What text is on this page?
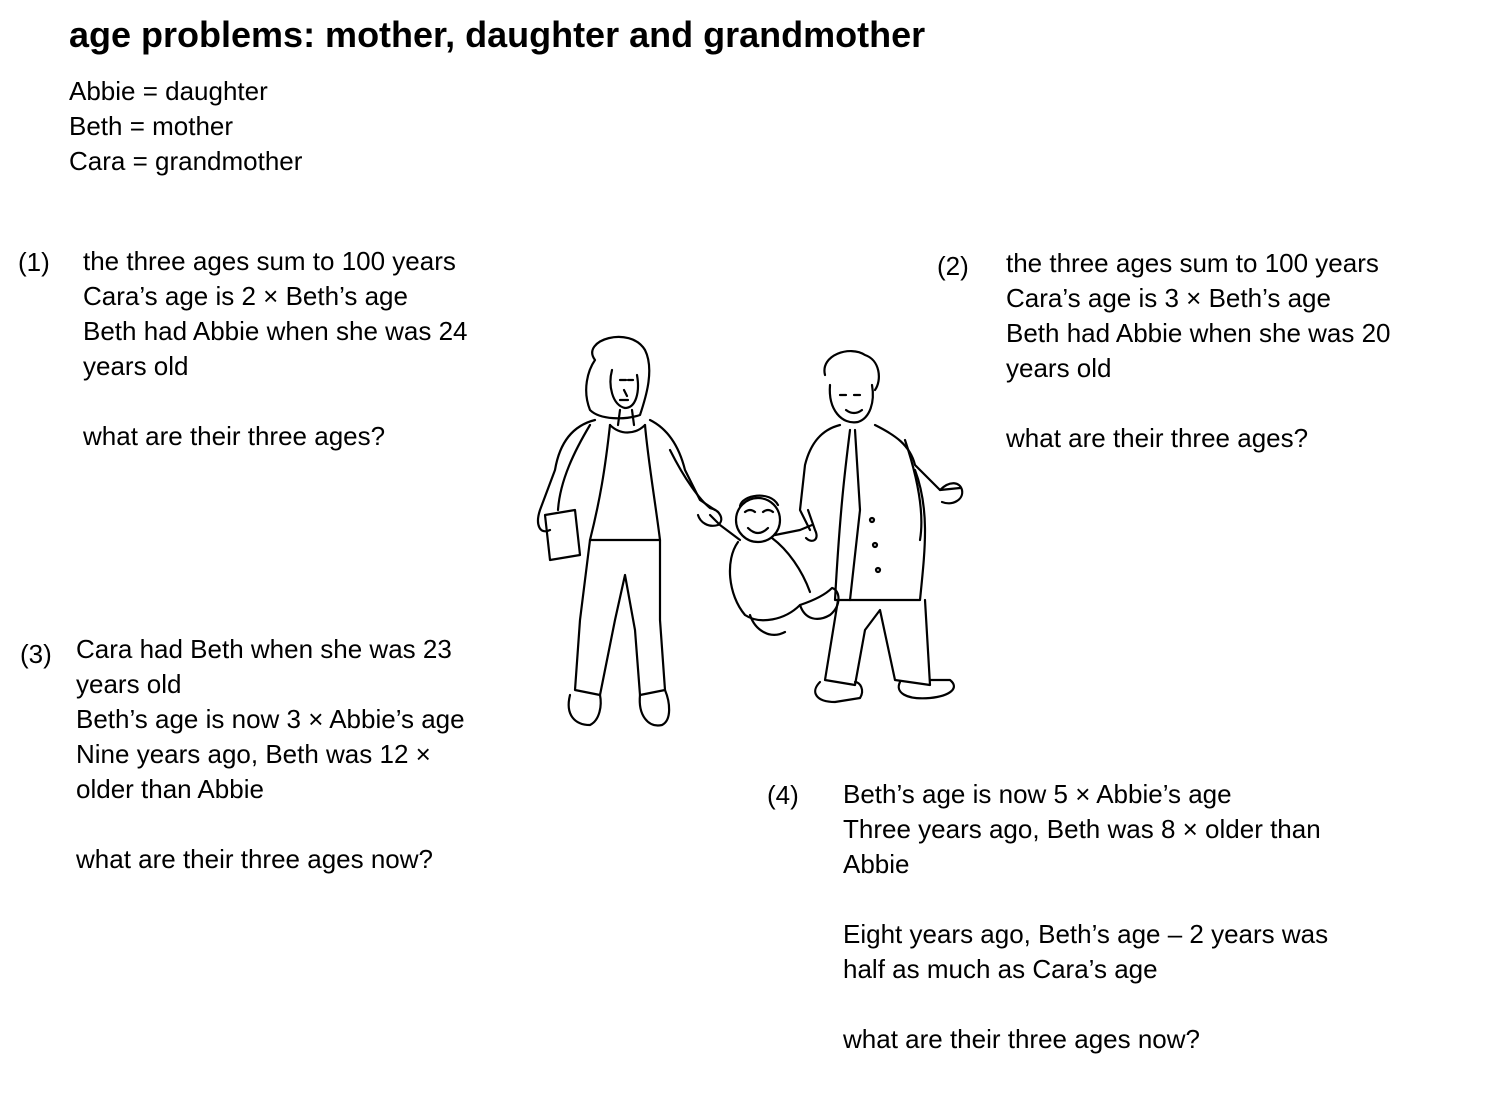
age problems: mother, daughter and grandmother
Abbie = daughter
Beth = mother
Cara = grandmother
(1) the three ages sum to 100 years
Cara’s age is 2 × Beth’s age
Beth had Abbie when she was 24
years old
what are their three ages?
(2) the three ages sum to 100 years
Cara’s age is 3 × Beth’s age
Beth had Abbie when she was 20
years old
what are their three ages?
(3) Cara had Beth when she was 23
years old
Beth’s age is now 3 × Abbie’s age
Nine years ago, Beth was 12 ×
older than Abbie
what are their three ages now?
(4) Beth’s age is now 5 × Abbie’s age
Three years ago, Beth was 8 × older than
Abbie
Eight years ago, Beth’s age – 2 years was
half as much as Cara’s age
what are their three ages now?
